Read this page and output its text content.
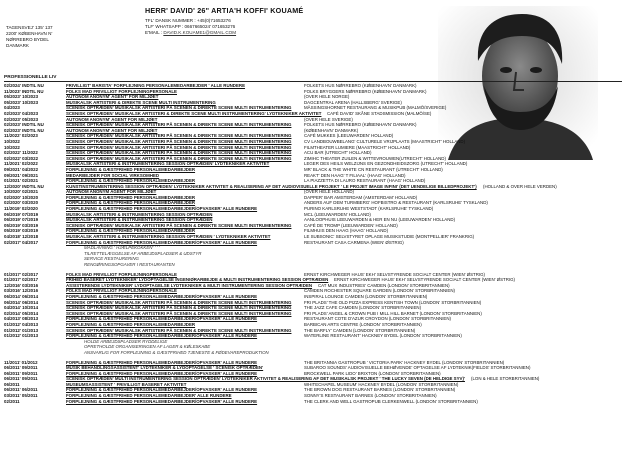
TAGENSVEJ' 135' 137
2200' KØBENHAVN N'
NØRREBRO BYDEL
DANMARK
HERR' DAVID' 26" ARTIA'H KOFFI' KOUAMÉ
TFL' DANSK NUMMER : +45(0)71653276
TLF' WHATSAPP : 0667665024' 071653276
E'MAIL : DAVID.K.KOUAME1@GMAIL.COM
PROFESSIONELLE LIV
02/2024' INDTIL NU	FRIVILLIGT' BARISTA' FORPLEJNING PERSONALEMEDARBEJDER ' ALLE RUNDERE	FOLKETS HUS NØRREBRO (KØBENHAVN' DANMARK)
11/2023' INDTIL NU	FOLKS MAD FRIVILLIGT FORPLEJNINGPERSONALE	FOLKS BRYGGERS NØRREBRO (KØBENHAVN' DANMARK)
05/2023' 10/2023	AUTONOM ANONYM' AGENT' FOR MILJØET	(OVER HELE NORGE)
05/2023' 10/2023	MUSIKALSK ARTISTERI & DIREKTE SCENE MULTI INSTRUMENTERING	DAGCENTRAL ARENA (HALLSBERG' SVERIGE)
04/2023	SCENISK OPTRÆDEN' MUSIKALSK ARTISTERI PÅ SCENEN & DIREKTE SCENE MULTI INSTRUMENTERING	MÄSSINGSHORNET RESTAURANG & MUSIKPUB (MALMÖ/SVERIGE)
02/2023' 04/2023	SCENISK OPTRÆDEN' MUSIKALSK ARTISTERI & DIREKTE SCENE MULTI INSTRUMENTERING' LYDTEKNIKER AKTIVITET CAFÉ DAVID' SKÅNE STADSMISSION (MALMÖ/SE)
02/2023' 05/2023	AUTONOM ANONYM' AGENT FOR MILJØET	(OVER HELE SVERIGE)
02/2023' INDTIL NU	SCENISK OPTRÆDEN' MUSIKALSK ARTISTERI PÅ SCENEN & DIREKTE SCENE MULTI INSTRUMENTERING	FOLKETS HUS NØRREBRO (KØBENHAVN' DANMARK)
02/2023' INDTIL NU	AUTONOM ANONYM' AGENT FOR MILJØET	(KØBENHAVN' DANMARK)
11/2022' 02/2023	SCENISK OPTRÆDEN' MUSIKALSK ARTISTERI PÅ SCENEN & DIREKTE SCENE MULTI INSTRUMENTERING	CAFÉ MUKKES (LEEUWARDEN' HOLLAND)
10/2022	SCENISK OPTRÆDEN' MUSIKALSK ARTISTERI PÅ SCENEN & DIREKTE SCENE MULTI INSTRUMENTERING	CV LANDBOUWBELANG' CULTURELE VRIJPLAATS (MAASTRICHT' HOLLAND)
10/2022	SCENISK OPTRÆDEN' MUSIKALSK ARTISTERI PÅ SCENEN & DIREKTE SCENE MULTI INSTRUMENTERING	FILMTHEATER LUMIERE (MAASTRICHT' HOLLAND)
02/2022' 11/2022	SCENISK OPTRÆDEN' MUSIKALSK ARTISTERI PÅ SCENEN & DIREKTE SCENE MULTI INSTRUMENTERING	ACU BAR (UTRECHT' HOLLAND)
02/2022' 03/2022	SCENISK OPTRÆDEN' MUSIKALSK ARTISTERI PÅ SCENEN & DIREKTE SCENE MULTI INSTRUMENTERING	ZIMIHC THEATER ZUILEN & WITTEVROUWEN(UTRECHT' HOLLAND)
11/2021' 02/2022	MUSIKALSK ARTISTERI & INSTRUMENTERING SESSION OPTRÆDEN' LYDTEKNIKER AKTIVITET	LEGER DES HEILS WELZIJNS EN GEZONDHEIDSZORG (UTRECHT' HOLLAND)
09/2021' 04/2022	FORPLEJNING & GÆSTFRIHED PERSONALEMEDARBEJDER	MR' BLACK & THE WHITE CN RESTAURANT (UTRECHT' HOLLAND)
09/2021' 09/2021	MEDARBEJDER FOR SOCIAL VIRKSOMHED	REAKT' DEN HAAG' T FILIAAL' (HAAG' HOLLAND)
01/2021' 02/2021	FORPLEJNING & GÆSTFRIHED PERSONALEMEDARBEJDER	LA PIAZZETTA DI LAURO RESTAURANT (HAAG' HOLLAND)
12/2020' INDTIL NU	KUNSTINSTRUMENTERING SESSION OPTRÆDEN' LYDTEKNIKER AKTIVITET & REALISERING AF DET AUDIOVISUELLE PROJEKT ' LE PROJET IMAGE INFINI' (DET UENDELIGE BILLEDPROJEKT') (HOLLAND & OVER HELE VERDEN)
10/2020' 02/2021	AUTONOM ANONYM AGENT FOR MILJØET	(OVER HELE HOLLAND)
02/2020' 10/2020	FORPLEJNING & GÆSTFRIHED PERSONALEMEDARBEJDER	DAPPER' BAR AMSTERDAM (AMSTERDAM' HOLLAND)
02/2020' 03/2020	FORPLEJNING & GÆSTFRIHED PERSONALEMEDARBEJDER	ANDERS AUF DEM TURMBERG' HOFBISTRO & RESTAURANT (KARLSRUHE' TYSKLAND)
11/2019' 02/2020	FORPLEJNING & GÆSTFRIHED PERSONALEMEDARBEJDER/OPVASKER' ALLE RUNDERE	PURINO KARLSRUHE WESTSTADT (KARLSRUHE' TYSKLAND)
06/2019' 07/2019	MUSIKALSK ARTISTERI & INSTRUMENTERING SESSION OPTRÆDEN	MCL (LEEUWARDEN' HOLLAND)
06/2019' 07/2019	MUSIKALSK ARTISTERI & INSTRUMENTERING SESSION OPTRÆDEN	AANLOOPHUIS LEEUWARDEN & HER EN NU (LEEUWARDEN' HOLLAND)
05/2019' 03/2019	SCENISK OPTRÆDEN' MUSIKALSK ARTISTERI PÅ SCENEN & DIREKTE SCENE MULTI INSTRUMENTERING	CAFÉ DE TROMP (LEEUWARDEN' HOLLAND)
05/2019' 03/2019	FORPLEJNING & GÆSTFRIHED PERSONALEMEDARBEJDER	FILMHUIS DEN HAAG (HAAG' HOLLAND)
04/2018' 12/2018	MUSIKALSK ARTISTERI & INSTRUMENTERING SESSION OPTRÆDEN ' LYDTEKNIKER AKTIVITET	LE SUBSONIC' SELVSTYRET OPLAGE MUSIKSTUDIE (MONTPELLIER' FRANKRIG)
02/2017' 04/2017	FORPLEJNING & GÆSTFRIHED PERSONALEMEDARBEJDER/OPVASKER' ALLE RUNDERE	RESTAURANT CASA CARMENA (WIEN' ØSTRIG)
MADLAVNING ' HJÆLPEKOKKEN' ' ' '
TILRETTELÆGGELSE AF ARBEJDSPLADSER & UDSTYR
SERVICE RESTAURERING
RENGØRINGSOPGAVER I RESTAURANTEN
01/2017' 02/2017	FOLKS MAD FRIVILLIGT FORPLEJNINGPERSONALE	ERNST KIRCHWEGER HAUS' EKH' SELVSTYRENDE SOCIALT CENTER (WIEN' ØSTRIG)
01/2017' 02/2017	FRIHED BASERET LYDTEKNIKER' LYDOPTAGELSE INGENIØRARBEJDE & MULTI INSTRUMENTERING SESSION OPTRÆDEN ERNST KIRCHWEGER HAUS' EKH' SELVSTYRENDE SOCIALT CENTER (WIEN' ØSTRIG)
12/2016' 03/2016	ASSISTERENDE LYDTEKNIKER' LYDOPTAGELSE LYDTEKNIKER & MULTI INSTRUMENTERING SESSION OPTRÆDEN CAT MUX INDUSTRIES' CAMDEN (LONDON' STORBRITANNIEN)
03/2016' 12/2016	FOLKS MAD FRIVILLIGT FORPLEJNINGPERSONALE	CAMDEN ROCHESTER SQUARE GARDEN (LONDON' STORBRITANNIEN)
06/2014' 06/2014	FORPLEJNING & GÆSTFRIHED PERSONALEMEDARBEJDER/OPVASKER' ALLE RUNDERE	INSPIRAL LOUNGE CAMDEN (LONDON' STORBRITANNIEN)
06/2014' 06/2014	SCENISK OPTRÆDEN' MUSIKALSK ARTISTERI PÅ SCENEN & DIREKTE SCENE MULTI INSTRUMENTERING	FRI PLADS' THE OLD PIZZA EXPRESS KENTISH TOWN (LONDON' STORBRITANNIEN)
04/2014' 10/2014	SCENISK OPTRÆDEN' MUSIKALSK ARTISTERI PÅ SCENEN & DIREKTE SCENE MULTI INSTRUMENTERING	THE JAZZ CAFE CAMDEN (LONDON' STORBRITANNIEN)
02/2014' 05/2014	SCENISK OPTRÆDEN' MUSIKALSK ARTISTERI PÅ SCENEN & DIREKTE SCENE MULTI INSTRUMENTERING	FRI PLADS' ANGEL & CROWN PUB I MILL HILL BARNET (LONDON' STORBRITANNIEN)
04/2013' 08/2013	FORPLEJNING & GÆSTFRIHED PERSONALEMEDARBEJDER/OPVASKER' ALLE RUNDERE	RESTAURANT COTE D'AZUR CROYDON (LONDON' STORBRITANNIEN)
01/2012' 04/2013	FORPLEJNING & GÆSTFRIHED PERSONALEMEDARBEJDER	BARBICAN ARTS CENTRE (LONDON' STORBRITANNIEN)
01/2012' 01/2013	SCENISK OPTRÆDEN' MUSIKALSK ARTISTERI PÅ SCENEN & DIREKTE SCENE MULTI INSTRUMENTERING	THE BARFLY' CAMDEN (LONDON' STORBRITANNIEN)
01/2012' 01/2013	FORPLEJNING & GÆSTFRIHED PERSONALEMEDARBEJDER/OPVASKER' ALLE RUNDERE	WATERLINE RESTAURANT' HACKNEY BYDEL (LONDON' STORBRITANNIEN)
HOLDE ARBEJDSPLADSER RYDDELIGE
OPRETHOLDE ORGANISERINGEN AF LAGER & KØLESKABE
ANSVARLIG FOR FORPLEJNING & GÆSTFRIHED TJENESTE & FØDEVAREPRODUKTION
11/2011' 01/2012	FORPLEJNING & GÆSTFRIHED PERSONALEMEDARBEJDER/OPVASKER' ALLE RUNDERE	THE BRITANNIA GASTROPUB ' VICTORIA PARK' HACKNEY BYDEL (LONDON' STORBRITANNIEN)
06/2011' 09/2011	MUSIK BEHANDLINGSASSISTENT' LYDTEKNIKER & LYDOPTAGELSE ' SCENISK OPTRÆDEN'	SUBAROO SOUNDS' AUDIOVISUELLE BEHØVENDE' OPTAGELSE AF LYDTEKNIK(FIELDS' STORBRITANNIEN)
06/2011' 09/2011	FORPLEJNING & GÆSTFRIHED PERSONALEMEDARBEJDER/OPVASKER' ALLE RUNDERE	BROCKWELL PARK LIDO' BRIXTON (LONDON' STORBRITANNIEN)
06/2011' 09/2011	SCENISK OPTRÆDEN' MULTI INSTRUMENTERING SESSION OPTRÆDEN' LYDTEKNIKER AKTIVITET & REALISERING AF DET MUSIKALSK PROJEKT ' THE LUCKY SEVEN (DE HELDIGE SYV)' (LON & HELE STORBRITANNIEN)
06/2011	MUSEUMSASSISTENT ' FRIVILLIGT BASERET AKTIVITET	WHITECHAPEL MUSEUM' HACKNEY BYDEL (LONDON' STORBRITANNIEN)
06/2011' 06/2011	FORPLEJNING & GÆSTFRIHED PERSONALEMEDARBEJDER/OPVASKER' ALLE RUNDERE	THE BROWN DOG RESTAURANT BARNES (LONDON' STORBRITANNIEN)
03/2011' 05/2011	FORPLEJNING & GÆSTFRIHED PERSONALEMEDARBEJDER' ALLE RUNDERE	SONNY'S RESTAURANT BARNES (LONDON' STORBRITANNIEN)
02/2011	FORPLEJNING & GÆSTFRIHED PERSONALEMEDARBEJDER/OPVASKER' ALLE RUNDERE	THE CLERK AND WELL GASTROPUB CLERKENWELL (LONDON' STORBRITANNIEN)
